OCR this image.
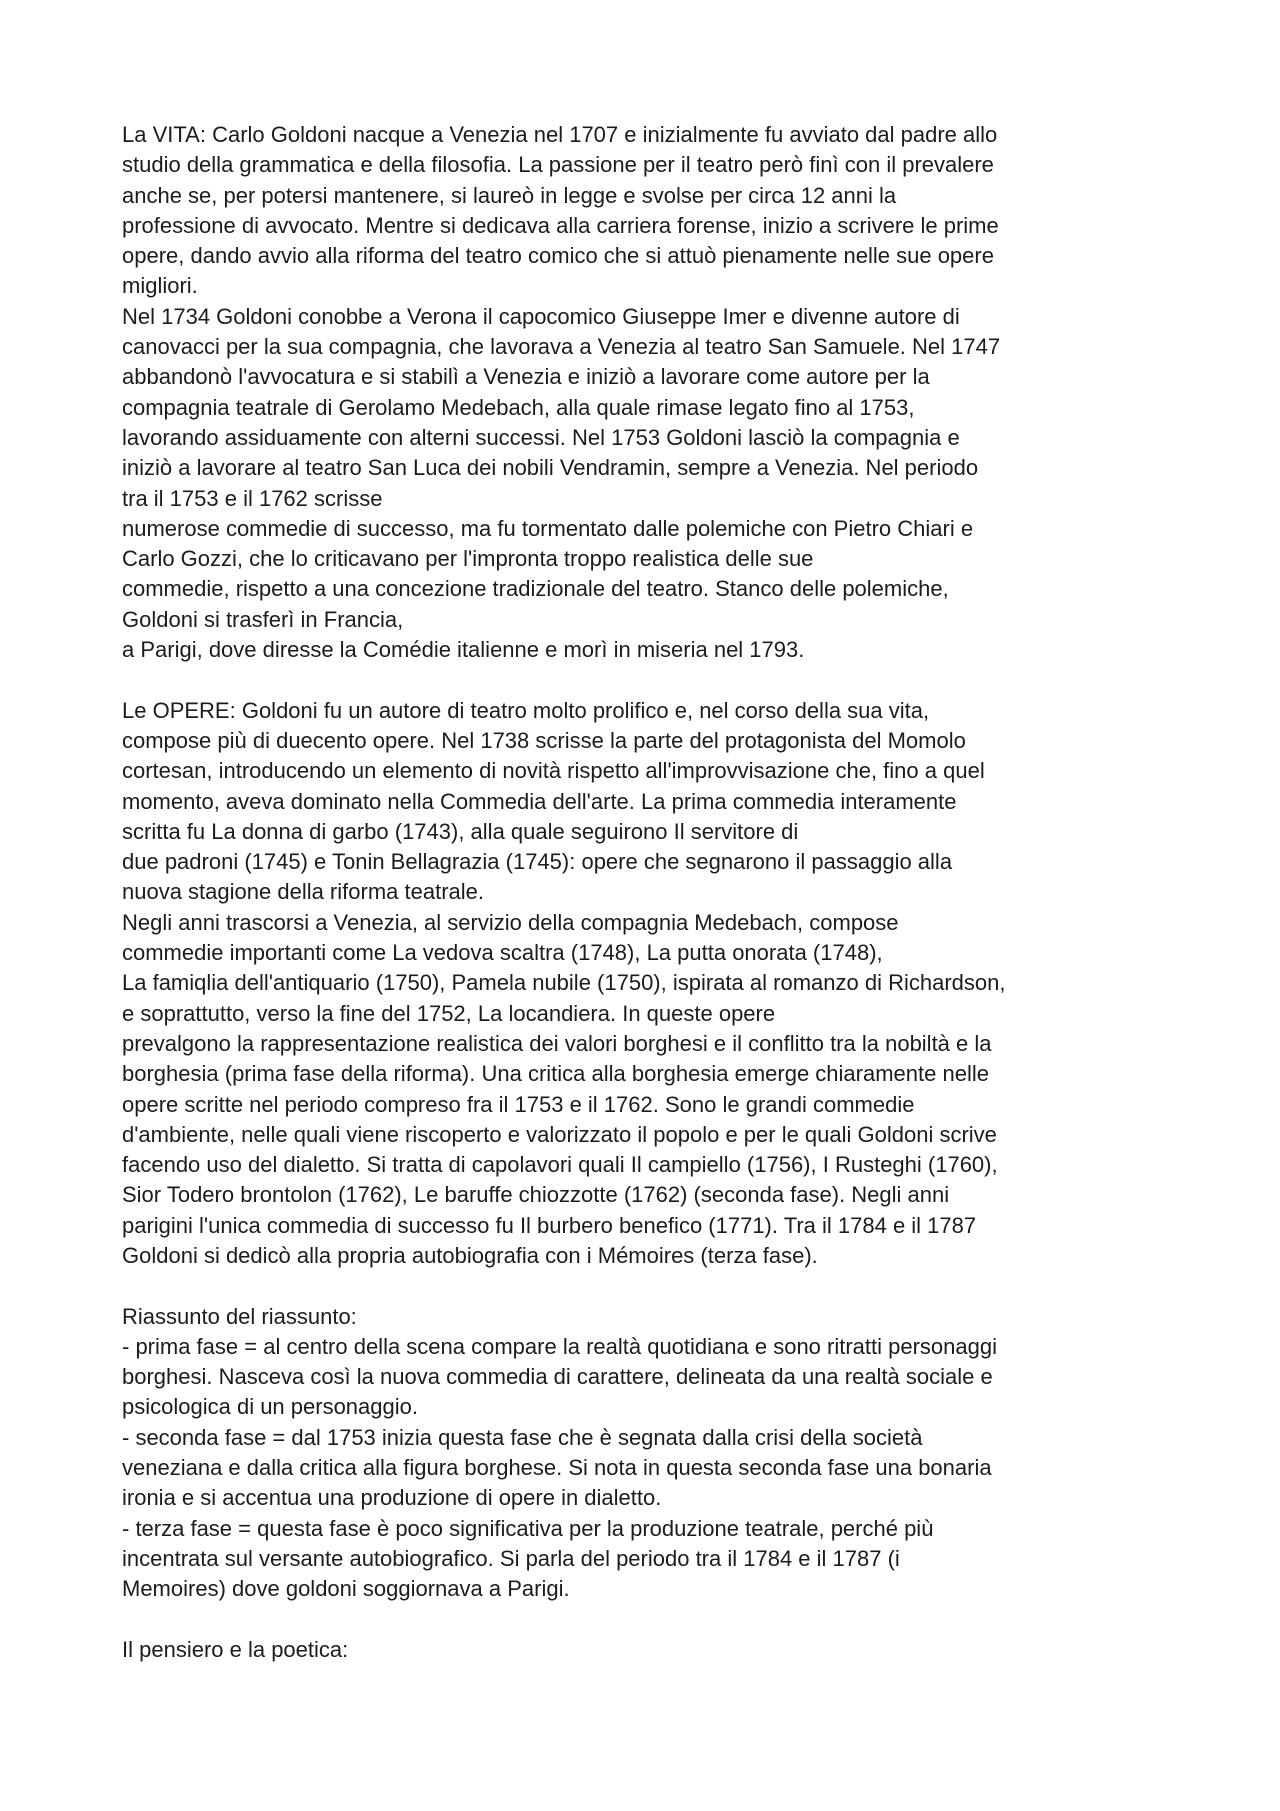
La VITA: Carlo Goldoni nacque a Venezia nel 1707 e inizialmente fu avviato dal padre allo
studio della grammatica e della filosofia. La passione per il teatro però finì con il prevalere
anche se, per potersi mantenere, si laureò in legge e svolse per circa 12 anni la
professione di avvocato. Mentre si dedicava alla carriera forense, inizio a scrivere le prime
opere, dando avvio alla riforma del teatro comico che si attuò pienamente nelle sue opere
migliori.
Nel 1734 Goldoni conobbe a Verona il capocomico Giuseppe Imer e divenne autore di
canovacci per la sua compagnia, che lavorava a Venezia al teatro San Samuele. Nel 1747
abbandonò l'avvocatura e si stabilì a Venezia e iniziò a lavorare come autore per la
compagnia teatrale di Gerolamo Medebach, alla quale rimase legato fino al 1753,
lavorando assiduamente con alterni successi. Nel 1753 Goldoni lasciò la compagnia e
iniziò a lavorare al teatro San Luca dei nobili Vendramin, sempre a Venezia. Nel periodo
tra il 1753 e il 1762 scrisse
numerose commedie di successo, ma fu tormentato dalle polemiche con Pietro Chiari e
Carlo Gozzi, che lo criticavano per l'impronta troppo realistica delle sue
commedie, rispetto a una concezione tradizionale del teatro. Stanco delle polemiche,
Goldoni si trasferì in Francia,
a Parigi, dove diresse la Comédie italienne e morì in miseria nel 1793.
Le OPERE: Goldoni fu un autore di teatro molto prolifico e, nel corso della sua vita,
compose più di duecento opere. Nel 1738 scrisse la parte del protagonista del Momolo
cortesan, introducendo un elemento di novità rispetto all'improvvisazione che, fino a quel
momento, aveva dominato nella Commedia dell'arte. La prima commedia interamente
scritta fu La donna di garbo (1743), alla quale seguirono Il servitore di
due padroni (1745) e Tonin Bellagrazia (1745): opere che segnarono il passaggio alla
nuova stagione della riforma teatrale.
Negli anni trascorsi a Venezia, al servizio della compagnia Medebach, compose
commedie importanti come La vedova scaltra (1748), La putta onorata (1748),
La famiqlia dell'antiquario (1750), Pamela nubile (1750), ispirata al romanzo di Richardson,
e soprattutto, verso la fine del 1752, La locandiera. In queste opere
prevalgono la rappresentazione realistica dei valori borghesi e il conflitto tra la nobiltà e la
borghesia (prima fase della riforma). Una critica alla borghesia emerge chiaramente nelle
opere scritte nel periodo compreso fra il 1753 e il 1762. Sono le grandi commedie
d'ambiente, nelle quali viene riscoperto e valorizzato il popolo e per le quali Goldoni scrive
facendo uso del dialetto. Si tratta di capolavori quali Il campiello (1756), I Rusteghi (1760),
Sior Todero brontolon (1762), Le baruffe chiozzotte (1762) (seconda fase). Negli anni
parigini l'unica commedia di successo fu Il burbero benefico (1771). Tra il 1784 e il 1787
Goldoni si dedicò alla propria autobiografia con i Mémoires (terza fase).
Riassunto del riassunto:
- prima fase = al centro della scena compare la realtà quotidiana e sono ritratti personaggi
borghesi. Nasceva così la nuova commedia di carattere, delineata da una realtà sociale e
psicologica di un personaggio.
- seconda fase = dal 1753 inizia questa fase che è segnata dalla crisi della società
veneziana e dalla critica alla figura borghese. Si nota in questa seconda fase una bonaria
ironia e si accentua una produzione di opere in dialetto.
- terza fase = questa fase è poco significativa per la produzione teatrale, perché più
incentrata sul versante autobiografico. Si parla del periodo tra il 1784 e il 1787 (i
Memoires) dove goldoni soggiornava a Parigi.
Il pensiero e la poetica:
